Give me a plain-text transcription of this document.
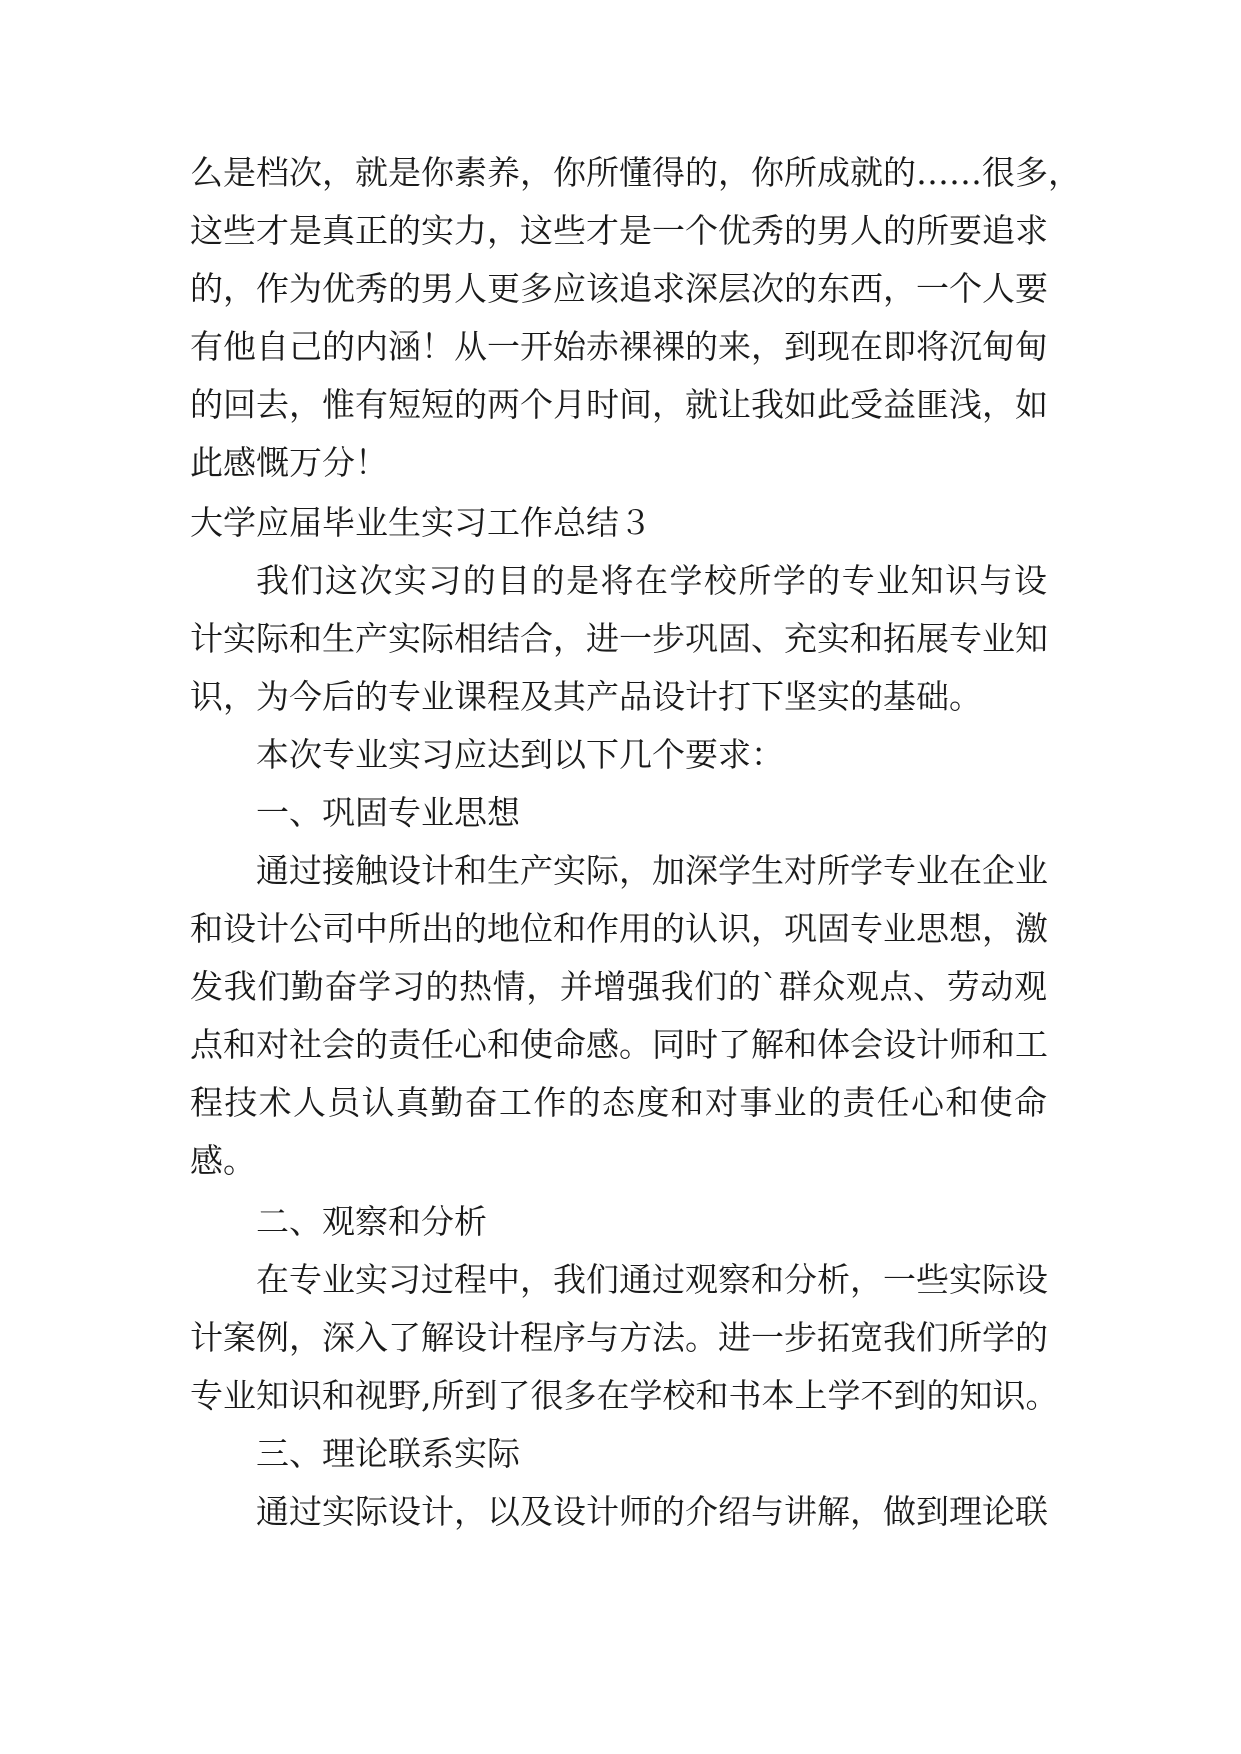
么是档次，就是你素养，你所懂得的，你所成就的……很多，
这些才是真正的实力，这些才是一个优秀的男人的所要追求
的，作为优秀的男人更多应该追求深层次的东西，一个人要
有他自己的内涵！从一开始赤裸裸的来，到现在即将沉甸甸
的回去，惟有短短的两个月时间，就让我如此受益匪浅，如
此感慨万分！
大学应届毕业生实习工作总结３
我们这次实习的目的是将在学校所学的专业知识与设
计实际和生产实际相结合，进一步巩固、充实和拓展专业知
识，为今后的专业课程及其产品设计打下坚实的基础。
本次专业实习应达到以下几个要求：
一、巩固专业思想
通过接触设计和生产实际，加深学生对所学专业在企业
和设计公司中所出的地位和作用的认识，巩固专业思想，激
发我们勤奋学习的热情，并增强我们的`群众观点、劳动观
点和对社会的责任心和使命感。同时了解和体会设计师和工
程技术人员认真勤奋工作的态度和对事业的责任心和使命
感。
二、观察和分析
在专业实习过程中，我们通过观察和分析，一些实际设
计案例，深入了解设计程序与方法。进一步拓宽我们所学的
专业知识和视野,所到了很多在学校和书本上学不到的知识。
三、理论联系实际
通过实际设计，以及设计师的介绍与讲解，做到理论联
